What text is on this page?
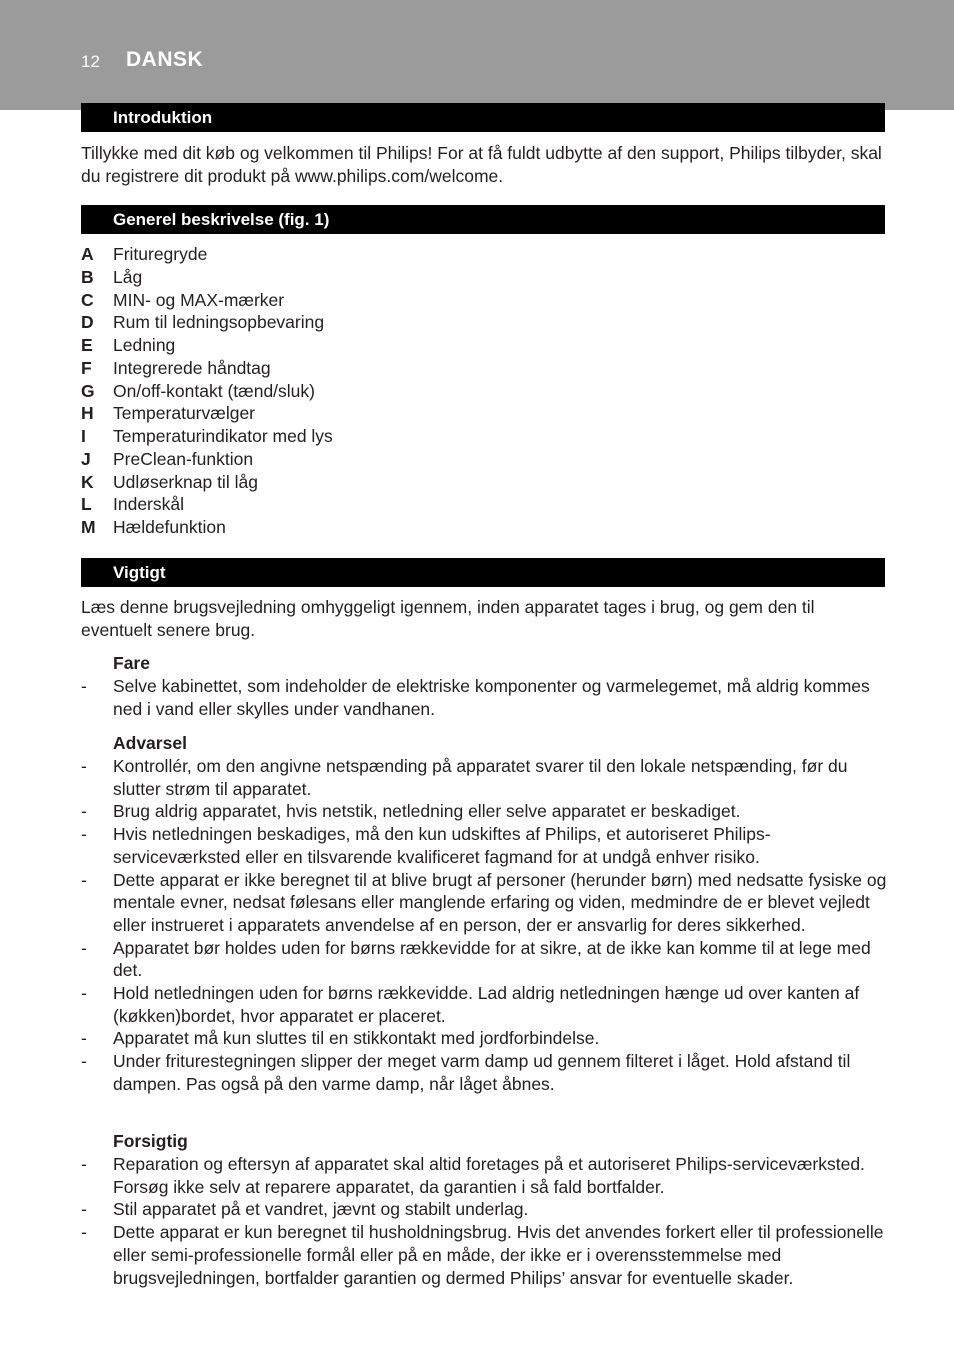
12 DANSK
Introduktion
Tillykke med dit køb og velkommen til Philips! For at få fuldt udbytte af den support, Philips tilbyder, skal du registrere dit produkt på www.philips.com/welcome.
Generel beskrivelse (fig. 1)
A Frituregryde
B Låg
C MIN- og MAX-mærker
D Rum til ledningsopbevaring
E Ledning
F Integrerede håndtag
G On/off-kontakt (tænd/sluk)
H Temperaturvælger
I Temperaturindikator med lys
J PreClean-funktion
K Udløserknap til låg
L Inderskål
M Hældefunktion
Vigtigt
Læs denne brugsvejledning omhyggeligt igennem, inden apparatet tages i brug, og gem den til eventuelt senere brug.
Fare
- Selve kabinettet, som indeholder de elektriske komponenter og varmelegemet, må aldrig kommes ned i vand eller skylles under vandhanen.
Advarsel
- Kontrollér, om den angivne netspænding på apparatet svarer til den lokale netspænding, før du slutter strøm til apparatet.
- Brug aldrig apparatet, hvis netstik, netledning eller selve apparatet er beskadiget.
- Hvis netledningen beskadiges, må den kun udskiftes af Philips, et autoriseret Philips-serviceværksted eller en tilsvarende kvalificeret fagmand for at undgå enhver risiko.
- Dette apparat er ikke beregnet til at blive brugt af personer (herunder børn) med nedsatte fysiske og mentale evner, nedsat følesans eller manglende erfaring og viden, medmindre de er blevet vejledt eller instrueret i apparatets anvendelse af en person, der er ansvarlig for deres sikkerhed.
- Apparatet bør holdes uden for børns rækkevidde for at sikre, at de ikke kan komme til at lege med det.
- Hold netledningen uden for børns rækkevidde. Lad aldrig netledningen hænge ud over kanten af (køkken)bordet, hvor apparatet er placeret.
- Apparatet må kun sluttes til en stikkontakt med jordforbindelse.
- Under friturestegningen slipper der meget varm damp ud gennem filteret i låget. Hold afstand til dampen. Pas også på den varme damp, når låget åbnes.
Forsigtig
- Reparation og eftersyn af apparatet skal altid foretages på et autoriseret Philips-serviceværksted. Forsøg ikke selv at reparere apparatet, da garantien i så fald bortfalder.
- Stil apparatet på et vandret, jævnt og stabilt underlag.
- Dette apparat er kun beregnet til husholdningsbrug. Hvis det anvendes forkert eller til professionelle eller semi-professionelle formål eller på en måde, der ikke er i overensstemmelse med brugsvejledningen, bortfalder garantien og dermed Philips’ ansvar for eventuelle skader.
